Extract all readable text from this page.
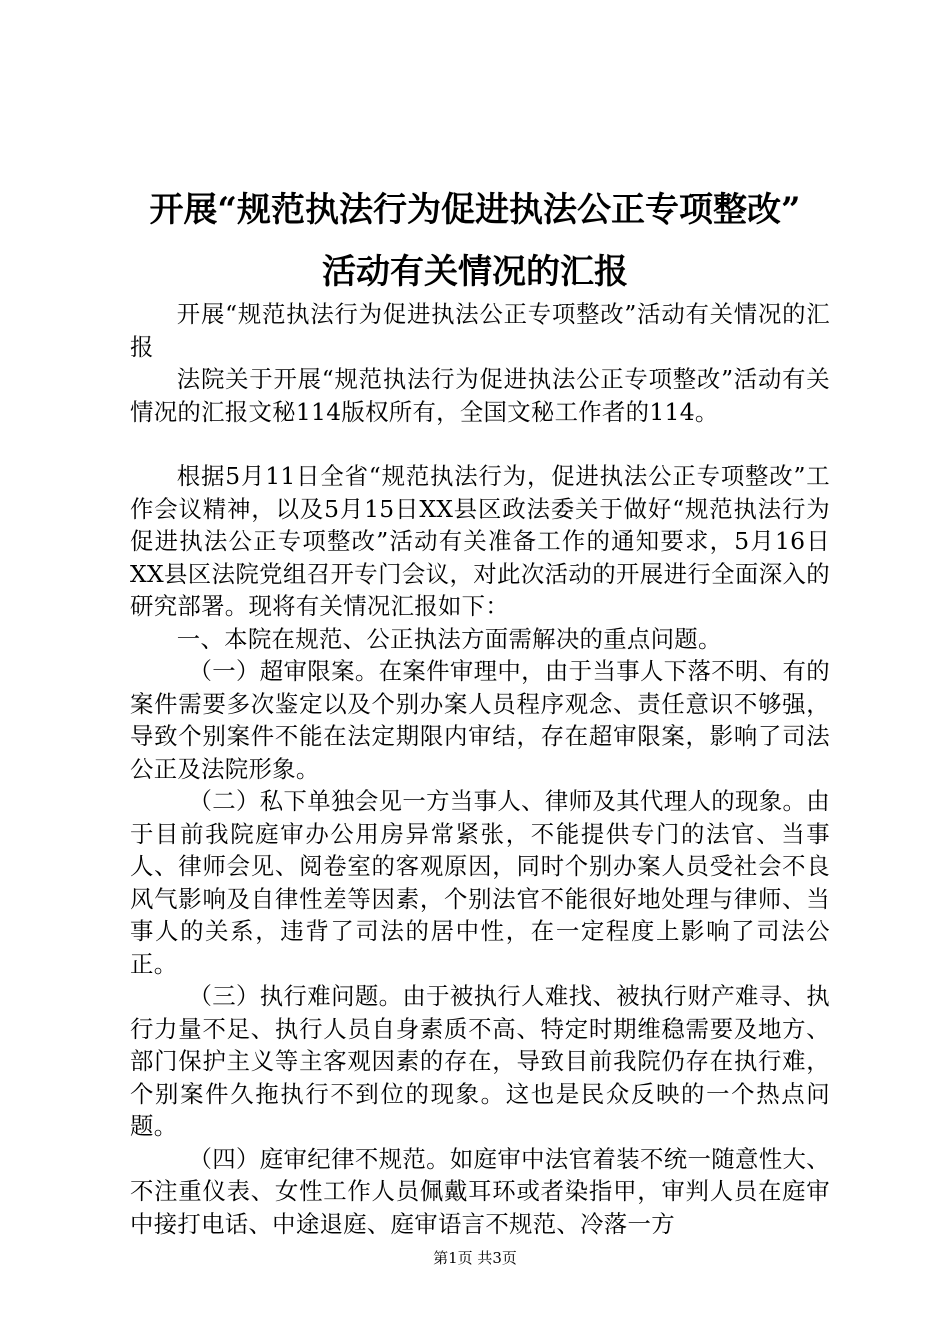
开展“规范执法行为促进执法公正专项整改”
活动有关情况的汇报

开展“规范执法行为促进执法公正专项整改”活动有关情况的汇报

法院关于开展“规范执法行为促进执法公正专项整改”活动有关情况的汇报文秘114版权所有，全国文秘工作者的114。

根据5月11日全省“规范执法行为，促进执法公正专项整改”工作会议精神，以及5月15日XX县区政法委关于做好“规范执法行为促进执法公正专项整改”活动有关准备工作的通知要求，5月16日XX县区法院党组召开专门会议，对此次活动的开展进行全面深入的研究部署。现将有关情况汇报如下：

一、本院在规范、公正执法方面需解决的重点问题。

（一）超审限案。在案件审理中，由于当事人下落不明、有的案件需要多次鉴定以及个别办案人员程序观念、责任意识不够强，导致个别案件不能在法定期限内审结，存在超审限案，影响了司法公正及法院形象。

（二）私下单独会见一方当事人、律师及其代理人的现象。由于目前我院庭审办公用房异常紧张，不能提供专门的法官、当事人、律师会见、阅卷室的客观原因，同时个别办案人员受社会不良风气影响及自律性差等因素，个别法官不能很好地处理与律师、当事人的关系，违背了司法的居中性，在一定程度上影响了司法公正。

（三）执行难问题。由于被执行人难找、被执行财产难寻、执行力量不足、执行人员自身素质不高、特定时期维稳需要及地方、部门保护主义等主客观因素的存在，导致目前我院仍存在执行难，个别案件久拖执行不到位的现象。这也是民众反映的一个热点问题。

（四）庭审纪律不规范。如庭审中法官着装不统一随意性大、不注重仪表、女性工作人员佩戴耳环或者染指甲，审判人员在庭审中接打电话、中途退庭、庭审语言不规范、冷落一方

第1页 共3页
